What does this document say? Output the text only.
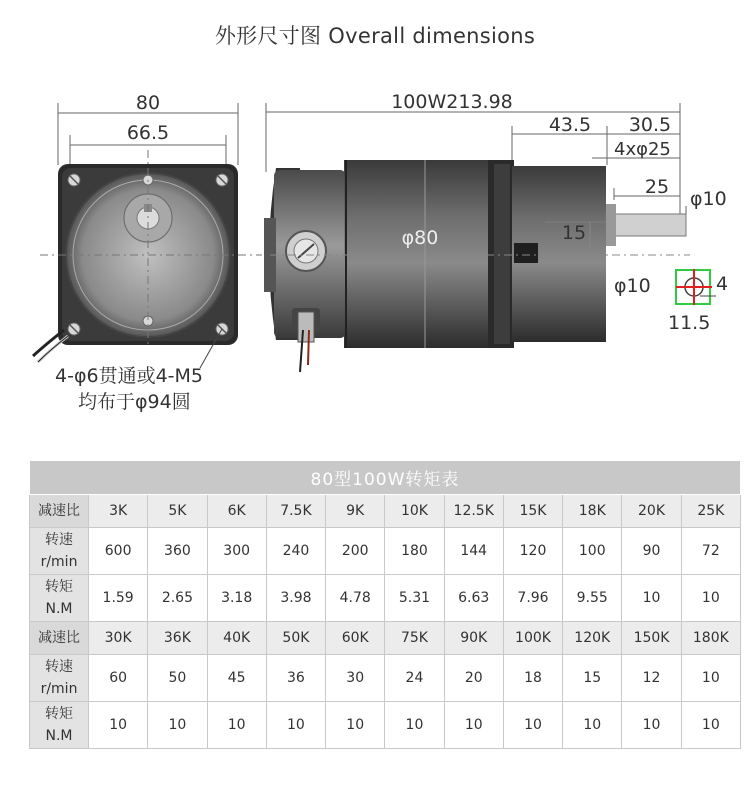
外形尺寸图 Overall dimensions
80
66.5
4-φ6贯通或4-M5
均布于φ94圆
100W213.98
43.5 30.5
4xφ25
25
φ10
φ80	15
φ10	4
11.5
80型100W转矩表											

减速比	3K	5K	6K	7.5K	9K	10K	12.5K	15K	18K	20K	25K

转速
r/min	600	360	300	240	200	180	144	120	100	90	72

转矩
N.M	1.59	2.65	3.18	3.98	4.78	5.31	6.63	7.96	9.55	10	10

减速比	30K	36K	40K	50K	60K	75K	90K	100K	120K	150K	180K

转速
r/min	60	50	45	36	30	24	20	18	15	12	10

转矩
N.M	10	10	10	10	10	10	10	10	10	10	10
